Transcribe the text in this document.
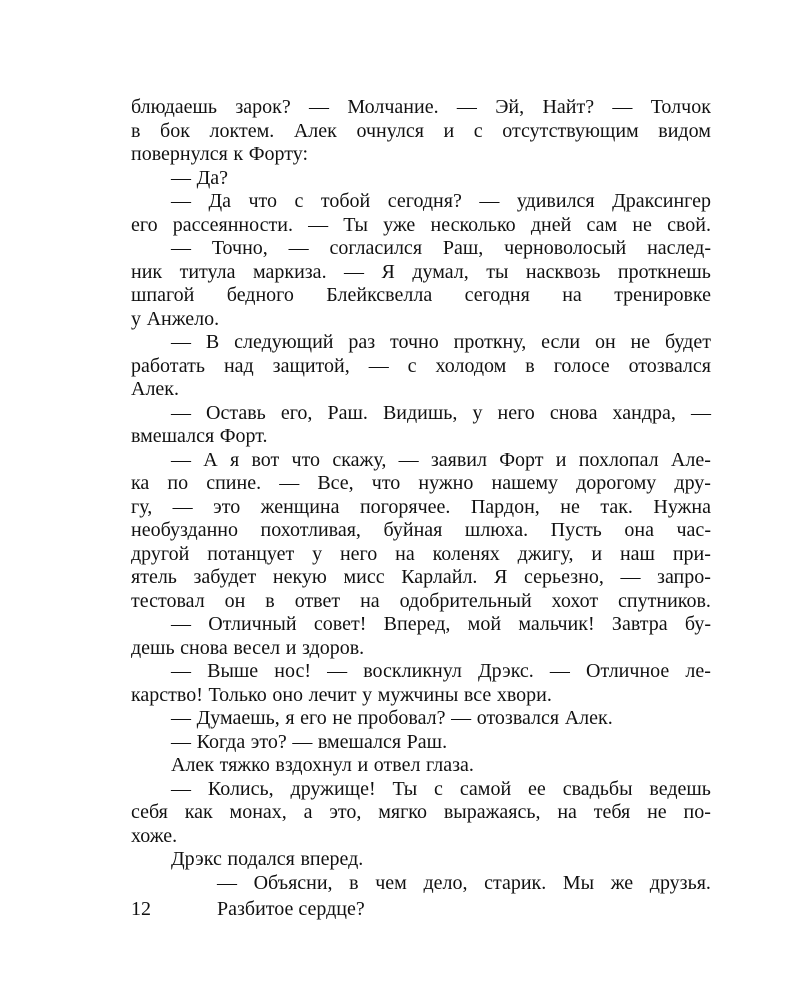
блюдаешь зарок? — Молчание. — Эй, Найт? — Толчок
в бок локтем. Алек очнулся и с отсутствующим видом
повернулся к Форту:
— Да?
— Да что с тобой сегодня? — удивился Драксингер
его рассеянности. — Ты уже несколько дней сам не свой.
— Точно, — согласился Раш, черноволосый наслед-
ник титула маркиза. — Я думал, ты насквозь проткнешь
шпагой бедного Блейксвелла сегодня на тренировке
у Анжело.
— В следующий раз точно проткну, если он не будет
работать над защитой, — с холодом в голосе отозвался
Алек.
— Оставь его, Раш. Видишь, у него снова хандра, —
вмешался Форт.
— А я вот что скажу, — заявил Форт и похлопал Але-
ка по спине. — Все, что нужно нашему дорогому дру-
гу, — это женщина погорячее. Пардон, не так. Нужна
необузданно похотливая, буйная шлюха. Пусть она час-
другой потанцует у него на коленях джигу, и наш при-
ятель забудет некую мисс Карлайл. Я серьезно, — запро-
тестовал он в ответ на одобрительный хохот спутников.
— Отличный совет! Вперед, мой мальчик! Завтра бу-
дешь снова весел и здоров.
— Выше нос! — воскликнул Дрэкс. — Отличное ле-
карство! Только оно лечит у мужчины все хвори.
— Думаешь, я его не пробовал? — отозвался Алек.
— Когда это? — вмешался Раш.
Алек тяжко вздохнул и отвел глаза.
— Колись, дружище! Ты с самой ее свадьбы ведешь
себя как монах, а это, мягко выражаясь, на тебя не по-
хоже.
Дрэкс подался вперед.
— Объясни, в чем дело, старик. Мы же друзья.
12	Разбитое сердце?
